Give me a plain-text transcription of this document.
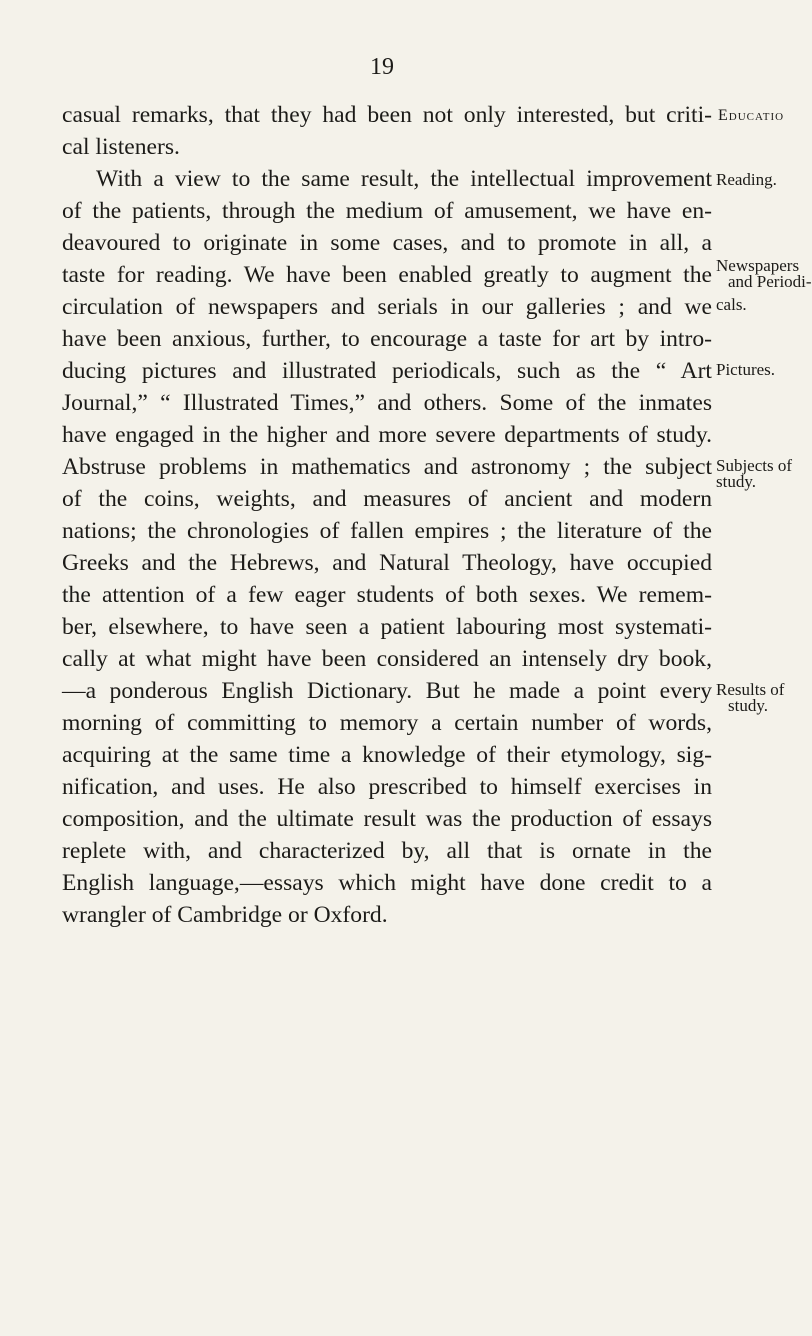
19
casual remarks, that they had been not only interested, but criti-
cal listeners.
With a view to the same result, the intellectual improvement
of the patients, through the medium of amusement, we have en-
deavoured to originate in some cases, and to promote in all, a
taste for reading. We have been enabled greatly to augment the
circulation of newspapers and serials in our galleries ; and we
have been anxious, further, to encourage a taste for art by intro-
ducing pictures and illustrated periodicals, such as the “ Art
Journal,” “ Illustrated Times,” and others. Some of the inmates
have engaged in the higher and more severe departments of study.
Abstruse problems in mathematics and astronomy ; the subject
of the coins, weights, and measures of ancient and modern
nations; the chronologies of fallen empires ; the literature of the
Greeks and the Hebrews, and Natural Theology, have occupied
the attention of a few eager students of both sexes. We remem-
ber, elsewhere, to have seen a patient labouring most systemati-
cally at what might have been considered an intensely dry book,
—a ponderous English Dictionary. But he made a point every
morning of committing to memory a certain number of words,
acquiring at the same time a knowledge of their etymology, sig-
nification, and uses. He also prescribed to himself exercises in
composition, and the ultimate result was the production of essays
replete with, and characterized by, all that is ornate in the
English language,—essays which might have done credit to a
wrangler of Cambridge or Oxford.
Educatio
Reading.
Newspapers
and Periodi-
cals.
Pictures.
Subjects of
study.
Results of
study.
